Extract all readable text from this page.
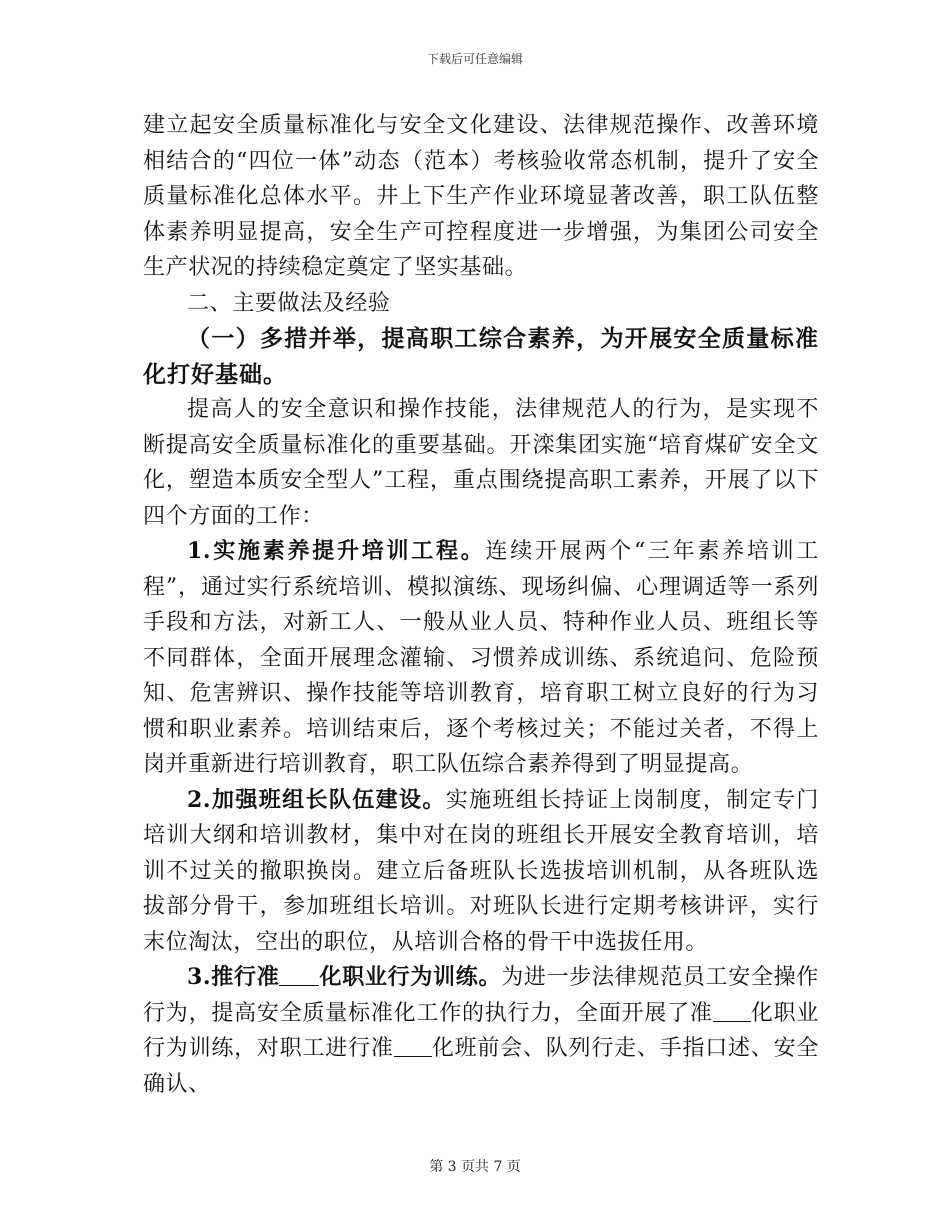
下载后可任意编辑

建立起安全质量标准化与安全文化建设、法律规范操作、改善环境相结合的“四位一体”动态（范本）考核验收常态机制，提升了安全质量标准化总体水平。井上下生产作业环境显著改善，职工队伍整体素养明显提高，安全生产可控程度进一步增强，为集团公司安全生产状况的持续稳定奠定了坚实基础。

二、主要做法及经验

（一）多措并举，提高职工综合素养，为开展安全质量标准化打好基础。

提高人的安全意识和操作技能，法律规范人的行为，是实现不断提高安全质量标准化的重要基础。开滦集团实施“培育煤矿安全文化，塑造本质安全型人”工程，重点围绕提高职工素养，开展了以下四个方面的工作：

1.实施素养提升培训工程。连续开展两个“三年素养培训工程”，通过实行系统培训、模拟演练、现场纠偏、心理调适等一系列手段和方法，对新工人、一般从业人员、特种作业人员、班组长等不同群体，全面开展理念灌输、习惯养成训练、系统追问、危险预知、危害辨识、操作技能等培训教育，培育职工树立良好的行为习惯和职业素养。培训结束后，逐个考核过关；不能过关者，不得上岗并重新进行培训教育，职工队伍综合素养得到了明显提高。

2.加强班组长队伍建设。实施班组长持证上岗制度，制定专门培训大纲和培训教材，集中对在岗的班组长开展安全教育培训，培训不过关的撤职换岗。建立后备班队长选拔培训机制，从各班队选拔部分骨干，参加班组长培训。对班队长进行定期考核讲评，实行末位淘汰，空出的职位，从培训合格的骨干中选拔任用。

3.推行准 化职业行为训练。为进一步法律规范员工安全操作行为，提高安全质量标准化工作的执行力，全面开展了准 化职业行为训练，对职工进行准 化班前会、队列行走、手指口述、安全确认、

第 3 页共 7 页
